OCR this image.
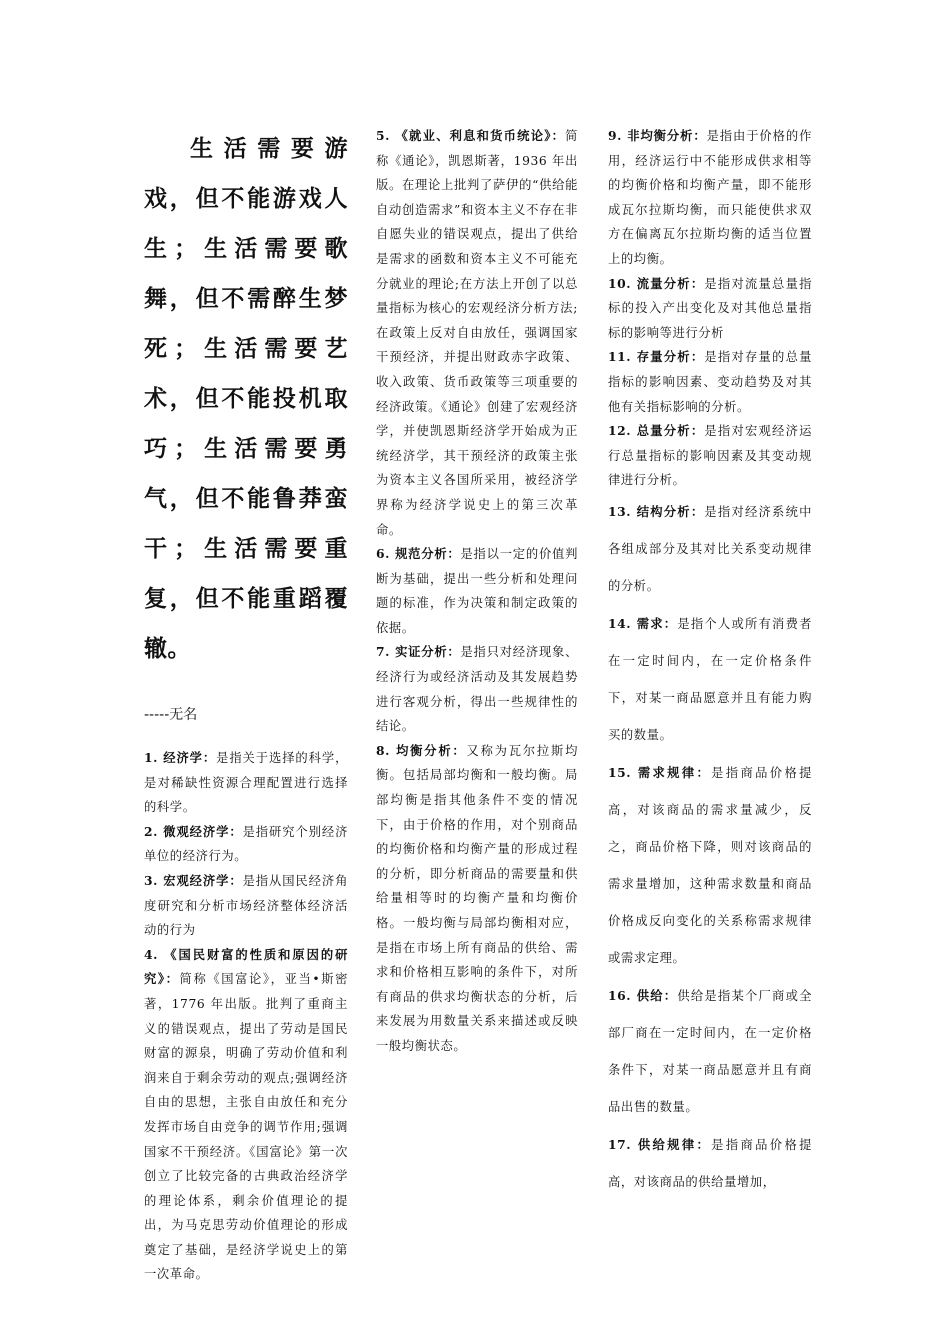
生活需要游戏，但不能游戏人生；生活需要歌舞，但不需醉生梦死；生活需要艺术，但不能投机取巧；生活需要勇气，但不能鲁莽蛮干；生活需要重复，但不能重蹈覆辙。

-----无名

1. 经济学：是指关于选择的科学，是对稀缺性资源合理配置进行选择的科学。

2. 微观经济学：是指研究个别经济单位的经济行为。

3. 宏观经济学：是指从国民经济角度研究和分析市场经济整体经济活动的行为

4. 《国民财富的性质和原因的研究》：简称《国富论》，亚当•斯密著，1776 年出版。批判了重商主义的错误观点，提出了劳动是国民财富的源泉，明确了劳动价值和利润来自于剩余劳动的观点;强调经济自由的思想，主张自由放任和充分发挥市场自由竞争的调节作用;强调国家不干预经济。《国富论》第一次创立了比较完备的古典政治经济学的理论体系，剩余价值理论的提出，为马克思劳动价值理论的形成奠定了基础，是经济学说史上的第一次革命。

5. 《就业、利息和货币统论》：简称《通论》，凯恩斯著，1936 年出版。在理论上批判了萨伊的“供给能自动创造需求”和资本主义不存在非自愿失业的错误观点，提出了供给是需求的函数和资本主义不可能充分就业的理论;在方法上开创了以总量指标为核心的宏观经济分析方法;在政策上反对自由放任，强调国家干预经济，并提出财政赤字政策、收入政策、货币政策等三项重要的经济政策。《通论》创建了宏观经济学，并使凯恩斯经济学开始成为正统经济学，其干预经济的政策主张为资本主义各国所采用，被经济学界称为经济学说史上的第三次革命。

6. 规范分析：是指以一定的价值判断为基础，提出一些分析和处理问题的标准，作为决策和制定政策的依据。

7. 实证分析：是指只对经济现象、经济行为或经济活动及其发展趋势进行客观分析，得出一些规律性的结论。

8. 均衡分析：又称为瓦尔拉斯均衡。包括局部均衡和一般均衡。局部均衡是指其他条件不变的情况下，由于价格的作用，对个别商品的均衡价格和均衡产量的形成过程的分析，即分析商品的需要量和供给量相等时的均衡产量和均衡价格。一般均衡与局部均衡相对应，是指在市场上所有商品的供给、需求和价格相互影响的条件下，对所有商品的供求均衡状态的分析，后来发展为用数量关系来描述或反映一般均衡状态。

9. 非均衡分析：是指由于价格的作用，经济运行中不能形成供求相等的均衡价格和均衡产量，即不能形成瓦尔拉斯均衡，而只能使供求双方在偏离瓦尔拉斯均衡的适当位置上的均衡。

10. 流量分析：是指对流量总量指标的投入产出变化及对其他总量指标的影响等进行分析

11. 存量分析：是指对存量的总量指标的影响因素、变动趋势及对其他有关指标影响的分析。

12. 总量分析：是指对宏观经济运行总量指标的影响因素及其变动规律进行分析。

13. 结构分析：是指对经济系统中各组成部分及其对比关系变动规律的分析。

14. 需求：是指个人或所有消费者在一定时间内，在一定价格条件下，对某一商品愿意并且有能力购买的数量。

15. 需求规律：是指商品价格提高，对该商品的需求量减少，反之，商品价格下降，则对该商品的需求量增加，这种需求数量和商品价格成反向变化的关系称需求规律或需求定理。

16. 供给：供给是指某个厂商或全部厂商在一定时间内，在一定价格条件下，对某一商品愿意并且有商品出售的数量。

17. 供给规律：是指商品价格提高，对该商品的供给量增加，
